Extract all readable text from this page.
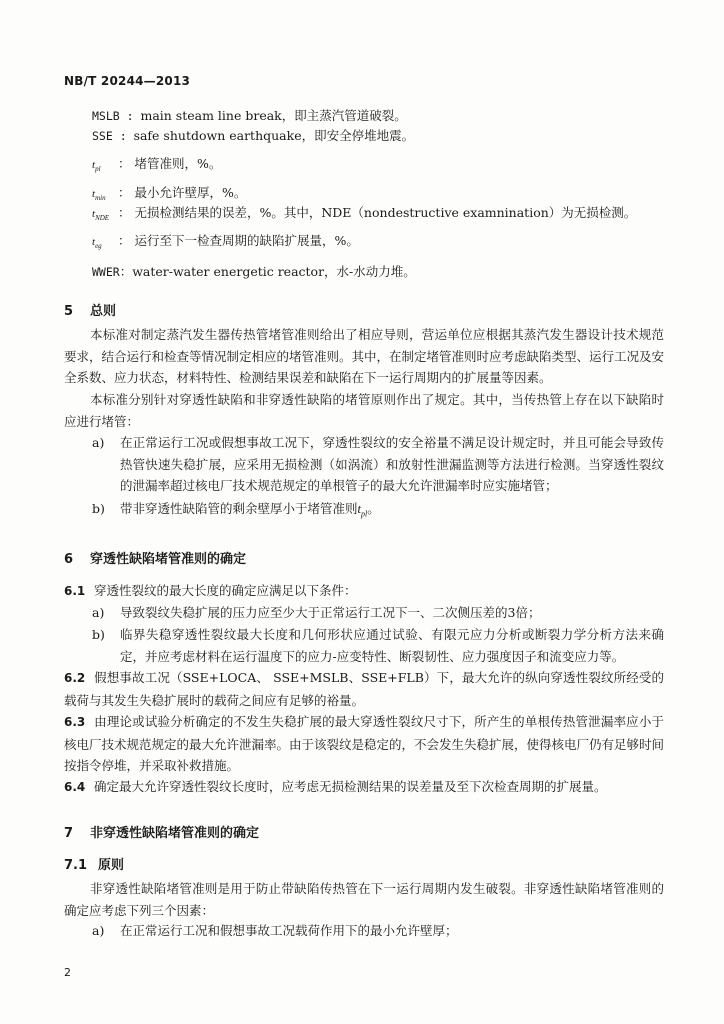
NB/T 20244—2013
MSLB : main steam line break，即主蒸汽管道破裂。
SSE : safe shutdown earthquake，即安全停堆地震。
$t_{pl}$ ： 堵管准则，%。
$t_{min}$ ： 最小允许壁厚，%。
$t_{NDE}$ ： 无损检测结果的误差，%。其中，NDE（nondestructive examnination）为无损检测。
$t_{eg}$ ： 运行至下一检查周期的缺陷扩展量，%。
WWER：water-water energetic reactor，水-水动力堆。
5 总则
本标准对制定蒸汽发生器传热管堵管准则给出了相应导则，营运单位应根据其蒸汽发生器设计技术规范要求，结合运行和检查等情况制定相应的堵管准则。其中，在制定堵管准则时应考虑缺陷类型、运行工况及安全系数、应力状态，材料特性、检测结果误差和缺陷在下一运行周期内的扩展量等因素。
本标准分别针对穿透性缺陷和非穿透性缺陷的堵管原则作出了规定。其中，当传热管上存在以下缺陷时应进行堵管：
a) 在正常运行工况或假想事故工况下，穿透性裂纹的安全裕量不满足设计规定时，并且可能会导致传热管快速失稳扩展，应采用无损检测（如涡流）和放射性泄漏监测等方法进行检测。当穿透性裂纹的泄漏率超过核电厂技术规范规定的单根管子的最大允许泄漏率时应实施堵管；
b) 带非穿透性缺陷管的剩余壁厚小于堵管准则$t_{pl}$。
6 穿透性缺陷堵管准则的确定
6.1 穿透性裂纹的最大长度的确定应满足以下条件：
a) 导致裂纹失稳扩展的压力应至少大于正常运行工况下一、二次侧压差的3倍；
b) 临界失稳穿透性裂纹最大长度和几何形状应通过试验、有限元应力分析或断裂力学分析方法来确定，并应考虑材料在运行温度下的应力-应变特性、断裂韧性、应力强度因子和流变应力等。
6.2 假想事故工况（SSE+LOCA、 SSE+MSLB、SSE+FLB）下，最大允许的纵向穿透性裂纹所经受的载荷与其发生失稳扩展时的载荷之间应有足够的裕量。
6.3 由理论或试验分析确定的不发生失稳扩展的最大穿透性裂纹尺寸下，所产生的单根传热管泄漏率应小于核电厂技术规范规定的最大允许泄漏率。由于该裂纹是稳定的，不会发生失稳扩展，使得核电厂仍有足够时间按指令停堆，并采取补救措施。
6.4 确定最大允许穿透性裂纹长度时，应考虑无损检测结果的误差量及至下次检查周期的扩展量。
7 非穿透性缺陷堵管准则的确定
7.1 原则
非穿透性缺陷堵管准则是用于防止带缺陷传热管在下一运行周期内发生破裂。非穿透性缺陷堵管准则的确定应考虑下列三个因素：
a) 在正常运行工况和假想事故工况载荷作用下的最小允许壁厚；
2
